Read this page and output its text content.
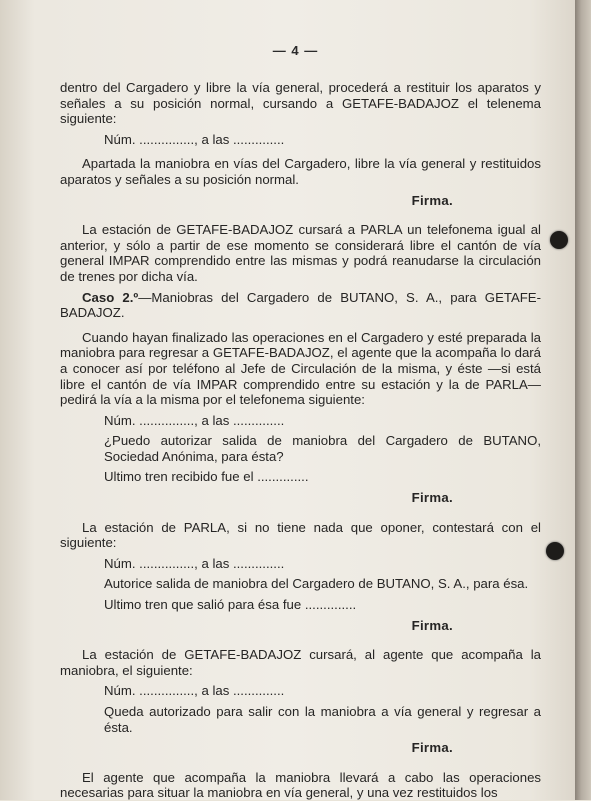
— 4 —

dentro del Cargadero y libre la vía general, procederá a restituir los aparatos y señales a su posición normal, cursando a GETAFE-BADAJOZ el telenema siguiente:

Núm. ..............., a las ..............

Apartada la maniobra en vías del Cargadero, libre la vía general y restituidos aparatos y señales a su posición normal.

Firma.

La estación de GETAFE-BADAJOZ cursará a PARLA un telefonema igual al anterior, y sólo a partir de ese momento se considerará libre el cantón de vía general IMPAR comprendido entre las mismas y podrá reanudarse la circulación de trenes por dicha vía.

Caso 2.º—Maniobras del Cargadero de BUTANO, S. A., para GETAFE-BADAJOZ.

Cuando hayan finalizado las operaciones en el Cargadero y esté preparada la maniobra para regresar a GETAFE-BADAJOZ, el agente que la acompaña lo dará a conocer así por teléfono al Jefe de Circulación de la misma, y éste —si está libre el cantón de vía IMPAR comprendido entre su estación y la de PARLA— pedirá la vía a la misma por el telefonema siguiente:

Núm. ..............., a las ..............

¿Puedo autorizar salida de maniobra del Cargadero de BUTANO, Sociedad Anónima, para ésta?

Ultimo tren recibido fue el ..............

Firma.

La estación de PARLA, si no tiene nada que oponer, contestará con el siguiente:

Núm. ..............., a las ..............

Autorice salida de maniobra del Cargadero de BUTANO, S. A., para ésa.

Ultimo tren que salió para ésa fue ..............

Firma.

La estación de GETAFE-BADAJOZ cursará, al agente que acompaña la maniobra, el siguiente:

Núm. ..............., a las ..............

Queda autorizado para salir con la maniobra a vía general y regresar a ésta.

Firma.

El agente que acompaña la maniobra llevará a cabo las operaciones necesarias para situar la maniobra en vía general, y una vez restituidos los
